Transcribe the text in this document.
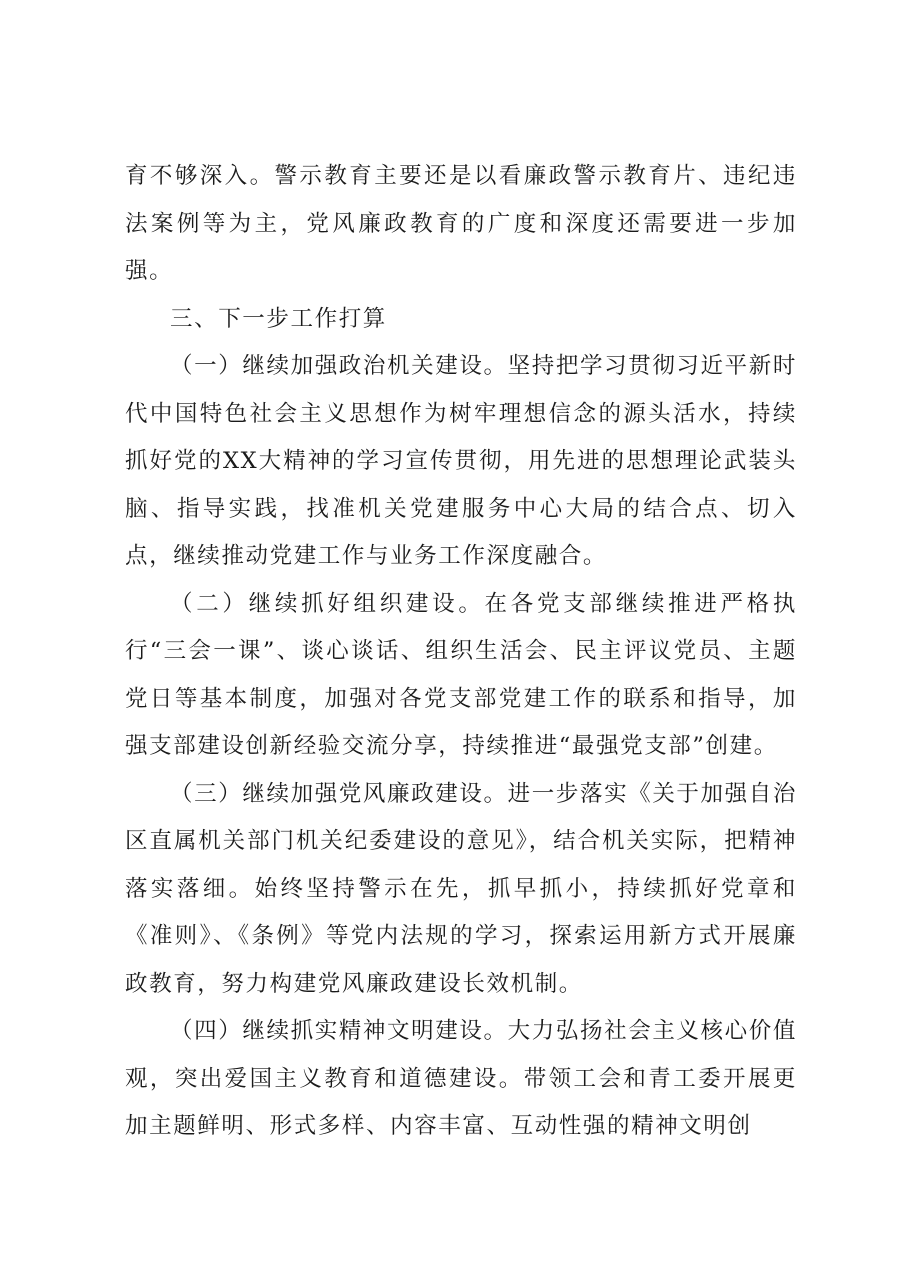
育不够深入。警示教育主要还是以看廉政警示教育片、违纪违法案例等为主，党风廉政教育的广度和深度还需要进一步加强。

三、下一步工作打算

（一）继续加强政治机关建设。坚持把学习贯彻习近平新时代中国特色社会主义思想作为树牢理想信念的源头活水，持续抓好党的XX大精神的学习宣传贯彻，用先进的思想理论武装头脑、指导实践，找准机关党建服务中心大局的结合点、切入点，继续推动党建工作与业务工作深度融合。

（二）继续抓好组织建设。在各党支部继续推进严格执行“三会一课”、谈心谈话、组织生活会、民主评议党员、主题党日等基本制度，加强对各党支部党建工作的联系和指导，加强支部建设创新经验交流分享，持续推进“最强党支部”创建。

（三）继续加强党风廉政建设。进一步落实《关于加强自治区直属机关部门机关纪委建设的意见》，结合机关实际，把精神落实落细。始终坚持警示在先，抓早抓小，持续抓好党章和《准则》、《条例》等党内法规的学习，探索运用新方式开展廉政教育，努力构建党风廉政建设长效机制。

（四）继续抓实精神文明建设。大力弘扬社会主义核心价值观，突出爱国主义教育和道德建设。带领工会和青工委开展更加主题鲜明、形式多样、内容丰富、互动性强的精神文明创
